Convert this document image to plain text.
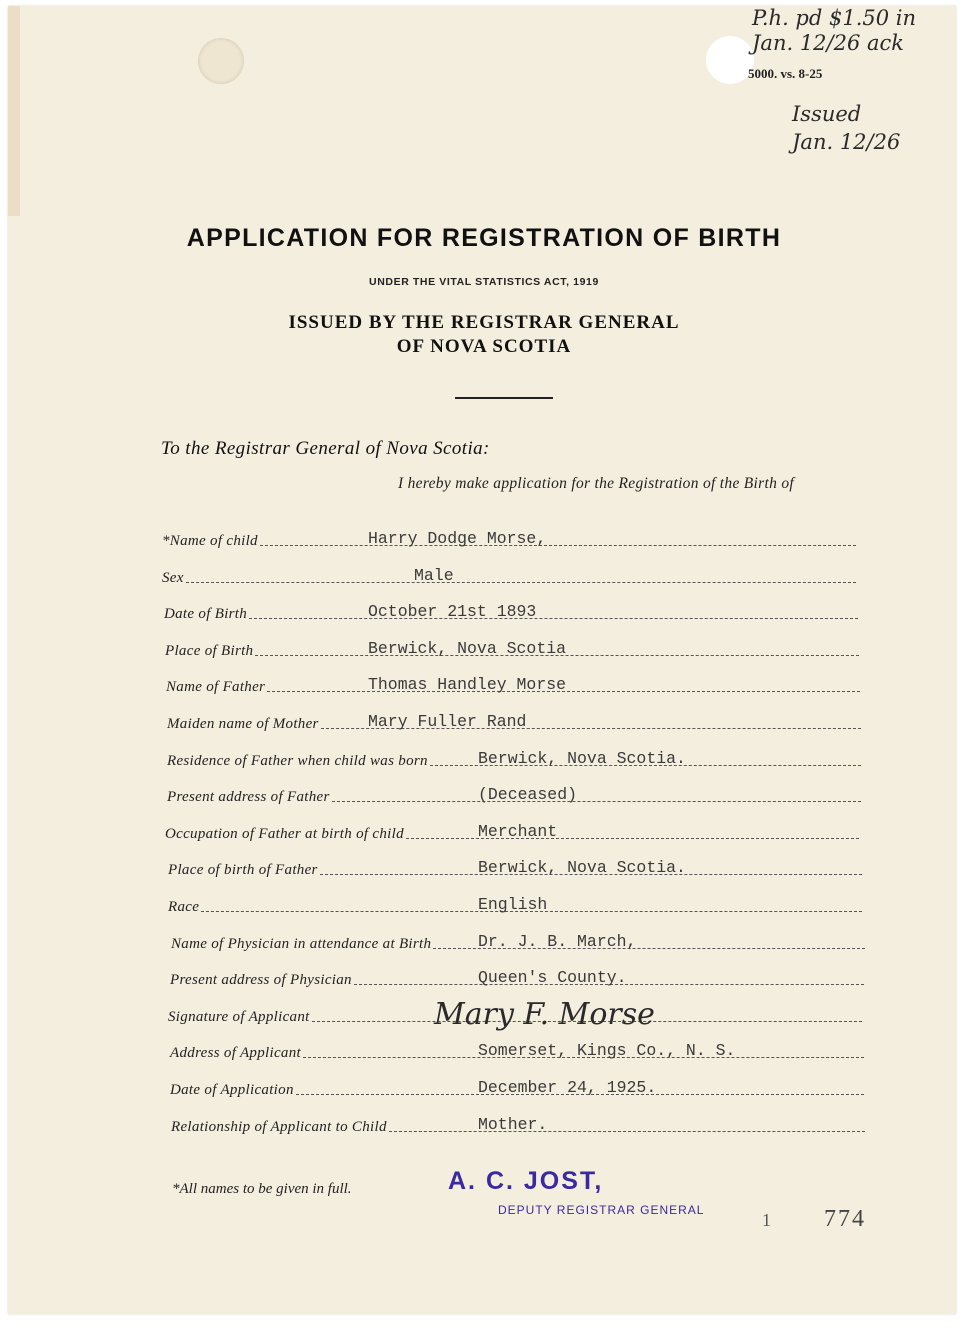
5000. vs. 8-25
P.h. pd $1.50 in
Jan. 12/26 ack
Issued
Jan. 12/26
APPLICATION FOR REGISTRATION OF BIRTH
UNDER THE VITAL STATISTICS ACT, 1919
ISSUED BY THE REGISTRAR GENERAL
OF NOVA SCOTIA
To the Registrar General of Nova Scotia:
I hereby make application for the Registration of the Birth of
*Name of child	Harry Dodge Morse,
Sex	Male
Date of Birth	October 21st 1893
Place of Birth	Berwick, Nova Scotia
Name of Father	Thomas Handley Morse
Maiden name of Mother	Mary Fuller Rand
Residence of Father when child was born	Berwick, Nova Scotia.
Present address of Father	(Deceased)
Occupation of Father at birth of child	Merchant
Place of birth of Father	Berwick, Nova Scotia.
Race	English
Name of Physician in attendance at Birth	Dr. J. B. March,
Present address of Physician	Queen's County.
Signature of Applicant	Mary F. Morse
Address of Applicant	Somerset, Kings Co., N. S.
Date of Application	December 24, 1925.
Relationship of Applicant to Child	Mother.
*All names to be given in full.	A. C. JOST,
DEPUTY REGISTRAR GENERAL	1 774
